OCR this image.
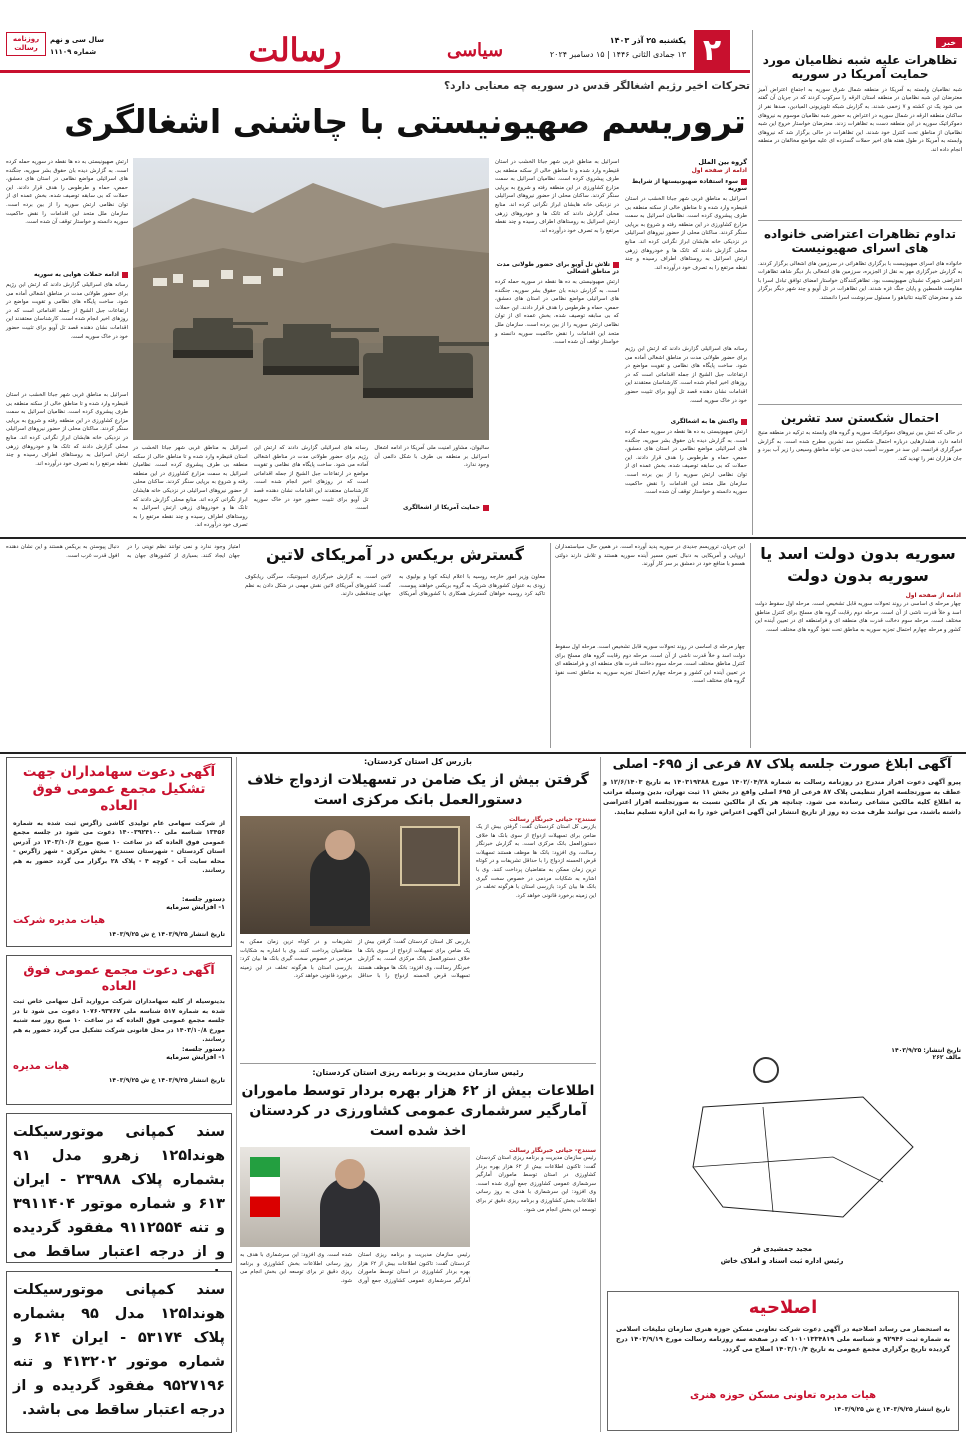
۲
یکشنبه ۲۵ آذر ۱۴۰۳
۱۳ جمادی الثانی ۱۴۴۶ | ۱۵ دسامبر ۲۰۲۴
سیاسی
رسالت
سال سی و نهم
شماره ۱۱۱۰۹
روزنامه رسالت
خبر
تظاهرات علیه شبه نظامیان مورد حمایت آمریکا در سوریه
شبه نظامیان وابسته به آمریکا در منطقه شمال شرق سوریه به اجتماع اعتراض آمیز معترضان این شبه نظامیان در منطقه استان الرقه را سرکوب کردند که در جریان آن گفته می شود یک تن کشته و ۷ زخمی شدند. به گزارش شبکه تلویزیونی المیادین، صدها نفر از ساکنان منطقه الرقه در شمال سوریه در اعتراض به حضور شبه نظامیان موسوم به نیروهای دموکراتیک سوریه در این منطقه دست به تظاهرات زدند. معترضان خواستار خروج این شبه نظامیان از مناطق تحت کنترل خود شدند. این تظاهرات در حالی برگزار شد که نیروهای وابسته به آمریکا در طول هفته های اخیر حملات گسترده ای علیه مواضع مخالفان در منطقه انجام داده اند.
تداوم تظاهرات اعتراضی خانواده های اسرای صهیونیست
خانواده های اسرای صهیونیست با برگزاری تظاهراتی در سرزمین های اشغالی برگزار کردند. به گزارش خبرگزاری مهر به نقل از الجزیره، سرزمین های اشغالی بار دیگر شاهد تظاهرات اعتراضی شهرک نشینان صهیونیست بود. تظاهرکنندگان خواستار امضای توافق تبادل اسرا با مقاومت فلسطین و پایان جنگ غزه شدند. این تظاهرات در تل آویو و چند شهر دیگر برگزار شد و معترضان کابینه نتانیاهو را مسئول سرنوشت اسرا دانستند.
احتمال شکستن سد تشرین
در حالی که تنش بین نیروهای دموکراتیک سوریه و گروه های وابسته به ترکیه در منطقه منبج ادامه دارد، هشدارهایی درباره احتمال شکستن سد تشرین مطرح شده است. به گزارش خبرگزاری فرانسه، این سد در صورت آسیب دیدن می تواند مناطق وسیعی را زیر آب ببرد و جان هزاران نفر را تهدید کند.
تحرکات اخیر رژیم اشغالگر قدس در سوریه چه معنایی دارد؟
تروریسم صهیونیستی با چاشنی اشغالگری
گروه بین الملل
ادامه از صفحه اول
سوء استفاده صهیونیستها از شرایط سوریه
اسرائیل به مناطق غربی شهر جباتا الخشب در استان قنیطره وارد شده و تا مناطق خالی از سکنه منطقه بی طرف پیشروی کرده است. نظامیان اسرائیل به سمت مزارع کشاورزی در این منطقه رفته و شروع به برپایی سنگر کردند. ساکنان محلی از حضور نیروهای اسرائیلی در نزدیکی خانه هایشان ابراز نگرانی کرده اند. منابع محلی گزارش دادند که تانک ها و خودروهای زرهی ارتش اسرائیل به روستاهای اطراف رسیده و چند نقطه مرتفع را به تصرف خود درآورده اند.
رسانه های اسرائیلی گزارش دادند که ارتش این رژیم برای حضور طولانی مدت در مناطق اشغالی آماده می شود. ساخت پایگاه های نظامی و تقویت مواضع در ارتفاعات جبل الشیخ از جمله اقداماتی است که در روزهای اخیر انجام شده است. کارشناسان معتقدند این اقدامات نشان دهنده قصد تل آویو برای تثبیت حضور خود در خاک سوریه است.
واکنش ها به اشغالگری
ارتش صهیونیستی به ده ها نقطه در سوریه حمله کرده است. به گزارش دیده بان حقوق بشر سوریه، جنگنده های اسرائیلی مواضع نظامی در استان های دمشق، حمص، حماه و طرطوس را هدف قرار دادند. این حملات که بی سابقه توصیف شده، بخش عمده ای از توان نظامی ارتش سوریه را از بین برده است. سازمان ملل متحد این اقدامات را نقض حاکمیت سوریه دانسته و خواستار توقف آن شده است.
اسرائیل به مناطق غربی شهر جباتا الخشب در استان قنیطره وارد شده و تا مناطق خالی از سکنه منطقه بی طرف پیشروی کرده است. نظامیان اسرائیل به سمت مزارع کشاورزی در این منطقه رفته و شروع به برپایی سنگر کردند. ساکنان محلی از حضور نیروهای اسرائیلی در نزدیکی خانه هایشان ابراز نگرانی کرده اند. منابع محلی گزارش دادند که تانک ها و خودروهای زرهی ارتش اسرائیل به روستاهای اطراف رسیده و چند نقطه مرتفع را به تصرف خود درآورده اند.
تلاش تل آویو برای حضور طولانی مدت در مناطق اشغالی
ارتش صهیونیستی به ده ها نقطه در سوریه حمله کرده است. به گزارش دیده بان حقوق بشر سوریه، جنگنده های اسرائیلی مواضع نظامی در استان های دمشق، حمص، حماه و طرطوس را هدف قرار دادند. این حملات که بی سابقه توصیف شده، بخش عمده ای از توان نظامی ارتش سوریه را از بین برده است. سازمان ملل متحد این اقدامات را نقض حاکمیت سوریه دانسته و خواستار توقف آن شده است.
ارتش صهیونیستی به ده ها نقطه در سوریه حمله کرده است. به گزارش دیده بان حقوق بشر سوریه، جنگنده های اسرائیلی مواضع نظامی در استان های دمشق، حمص، حماه و طرطوس را هدف قرار دادند. این حملات که بی سابقه توصیف شده، بخش عمده ای از توان نظامی ارتش سوریه را از بین برده است. سازمان ملل متحد این اقدامات را نقض حاکمیت سوریه دانسته و خواستار توقف آن شده است.
ادامه حملات هوایی به سوریه
رسانه های اسرائیلی گزارش دادند که ارتش این رژیم برای حضور طولانی مدت در مناطق اشغالی آماده می شود. ساخت پایگاه های نظامی و تقویت مواضع در ارتفاعات جبل الشیخ از جمله اقداماتی است که در روزهای اخیر انجام شده است. کارشناسان معتقدند این اقدامات نشان دهنده قصد تل آویو برای تثبیت حضور خود در خاک سوریه است.
اسرائیل به مناطق غربی شهر جباتا الخشب در استان قنیطره وارد شده و تا مناطق خالی از سکنه منطقه بی طرف پیشروی کرده است. نظامیان اسرائیل به سمت مزارع کشاورزی در این منطقه رفته و شروع به برپایی سنگر کردند. ساکنان محلی از حضور نیروهای اسرائیلی در نزدیکی خانه هایشان ابراز نگرانی کرده اند. منابع محلی گزارش دادند که تانک ها و خودروهای زرهی ارتش اسرائیل به روستاهای اطراف رسیده و چند نقطه مرتفع را به تصرف خود درآورده اند.
سالیوان، مشاور امنیت ملی آمریکا در ادامه اشغال اسرائیل بر منطقه بی طرف با شکل دائمی آن وجود ندارد.
حمایت آمریکا از اشغالگری
رسانه های اسرائیلی گزارش دادند که ارتش این رژیم برای حضور طولانی مدت در مناطق اشغالی آماده می شود. ساخت پایگاه های نظامی و تقویت مواضع در ارتفاعات جبل الشیخ از جمله اقداماتی است که در روزهای اخیر انجام شده است. کارشناسان معتقدند این اقدامات نشان دهنده قصد تل آویو برای تثبیت حضور خود در خاک سوریه است.
اسرائیل به مناطق غربی شهر جباتا الخشب در استان قنیطره وارد شده و تا مناطق خالی از سکنه منطقه بی طرف پیشروی کرده است. نظامیان اسرائیل به سمت مزارع کشاورزی در این منطقه رفته و شروع به برپایی سنگر کردند. ساکنان محلی از حضور نیروهای اسرائیلی در نزدیکی خانه هایشان ابراز نگرانی کرده اند. منابع محلی گزارش دادند که تانک ها و خودروهای زرهی ارتش اسرائیل به روستاهای اطراف رسیده و چند نقطه مرتفع را به تصرف خود درآورده اند.
سوریه بدون دولت اسد یا سوریه بدون دولت
ادامه از صفحه اول
چهار مرحله ی اساسی در روند تحولات سوریه قابل تشخیص است. مرحله اول سقوط دولت اسد و خلأ قدرت ناشی از آن است. مرحله دوم رقابت گروه های مسلح برای کنترل مناطق مختلف است. مرحله سوم دخالت قدرت های منطقه ای و فرامنطقه ای در تعیین آینده این کشور و مرحله چهارم احتمال تجزیه سوریه به مناطق تحت نفوذ گروه های مختلف است.
این جریان، تروریسم جدیدی در سوریه پدید آورده است. در همین حال، سیاستمداران اروپایی و آمریکایی به دنبال تعیین مسیر آینده سوریه هستند و تلاش دارند دولتی همسو با منافع خود در دمشق بر سر کار آورند.
چهار مرحله ی اساسی در روند تحولات سوریه قابل تشخیص است. مرحله اول سقوط دولت اسد و خلأ قدرت ناشی از آن است. مرحله دوم رقابت گروه های مسلح برای کنترل مناطق مختلف است. مرحله سوم دخالت قدرت های منطقه ای و فرامنطقه ای در تعیین آینده این کشور و مرحله چهارم احتمال تجزیه سوریه به مناطق تحت نفوذ گروه های مختلف است.
گسترش بریکس در آمریکای لاتین
معاون وزیر امور خارجه روسیه با اعلام اینکه کوبا و بولیوی به زودی به عنوان کشورهای شریک به گروه بریکس خواهند پیوست، تاکید کرد روسیه خواهان گسترش همکاری با کشورهای آمریکای لاتین است. به گزارش خبرگزاری اسپوتنیک، سرگئی ریابکوف گفت: کشورهای آمریکای لاتین نقش مهمی در شکل دادن به نظم جهانی چندقطبی دارند.
امتیاز وجود ندارد و نمی توانند نظم نوینی را در جهان ایجاد کنند. بسیاری از کشورهای جهان به دنبال پیوستن به بریکس هستند و این نشان دهنده افول قدرت غرب است.
آگهی ابلاغ صورت جلسه پلاک ۸۷ فرعی از ۶۹۵- اصلی
پیرو آگهی دعوت افراز مندرج در روزنامه رسالت به شماره ۱۴۰۲/۰۴/۲۸ مورخ ۱۴۰۳۱۹۳۸۸ به تاریخ ۱۲/۶/۱۴۰۳ و عطف به صورتجلسه افراز تنظیمی پلاک ۸۷ فرعی از ۶۹۵ اصلی واقع در بخش ۱۱ ثبت تهران، بدین وسیله مراتب به اطلاع کلیه مالکین مشاعی رسانده می شود. چنانچه هر یک از مالکین نسبت به صورتجلسه افراز اعتراضی داشته باشند، می توانند ظرف مدت ده روز از تاریخ انتشار این آگهی اعتراض خود را به این اداره تسلیم نمایند.
تاریخ انتشار: ۱۴۰۳/۹/۲۵
مالف ۲۶۲
مجید جمشیدی فر
رئیس اداره ثبت اسناد و املاک خاش
اصلاحیه
به استحضار می رساند اصلاحیه در آگهی دعوت شرکت تعاونی مسکن حوزه هنری سازمان تبلیغات اسلامی به شماره ثبت ۹۲۹۴۶ و شناسه ملی ۱۰۱۰۱۳۳۴۸۱۹ که در صفحه سه روزنامه رسالت مورخ ۱۴۰۳/۹/۱۹ درج گردیده تاریخ برگزاری مجمع عمومی به تاریخ ۱۴۰۳/۱۰/۴ اصلاح می گردد.
هیات مدیره تعاونی مسکن حوزه هنری
تاریخ انتشار ۱۴۰۳/۹/۲۵ خ ش ۱۴۰۳/۹/۲۵
بازرس کل استان کردستان:
گرفتن بیش از یک ضامن در تسهیلات ازدواج خلاف دستورالعمل بانک مرکزی است
سنندج- حیاتی خبرنگار رسالت
بازرس کل استان کردستان گفت: گرفتن بیش از یک ضامن برای تسهیلات ازدواج از سوی بانک ها خلاف دستورالعمل بانک مرکزی است. به گزارش خبرنگار رسالت، وی افزود: بانک ها موظف هستند تسهیلات قرض الحسنه ازدواج را با حداقل تشریفات و در کوتاه ترین زمان ممکن به متقاضیان پرداخت کنند. وی با اشاره به شکایات مردمی در خصوص سخت گیری بانک ها بیان کرد: بازرسی استان با هرگونه تخلف در این زمینه برخورد قانونی خواهد کرد.
بازرس کل استان کردستان گفت: گرفتن بیش از یک ضامن برای تسهیلات ازدواج از سوی بانک ها خلاف دستورالعمل بانک مرکزی است. به گزارش خبرنگار رسالت، وی افزود: بانک ها موظف هستند تسهیلات قرض الحسنه ازدواج را با حداقل تشریفات و در کوتاه ترین زمان ممکن به متقاضیان پرداخت کنند. وی با اشاره به شکایات مردمی در خصوص سخت گیری بانک ها بیان کرد: بازرسی استان با هرگونه تخلف در این زمینه برخورد قانونی خواهد کرد.
رئیس سازمان مدیریت و برنامه ریزی استان کردستان:
اطلاعات بیش از ۶۲ هزار بهره بردار توسط ماموران آمارگیر سرشماری عمومی کشاورزی در کردستان اخذ شده است
سنندج- حیاتی خبرنگار رسالت
رئیس سازمان مدیریت و برنامه ریزی استان کردستان گفت: تاکنون اطلاعات بیش از ۶۲ هزار بهره بردار کشاورزی در استان توسط ماموران آمارگیر سرشماری عمومی کشاورزی جمع آوری شده است. وی افزود: این سرشماری با هدف به روز رسانی اطلاعات بخش کشاورزی و برنامه ریزی دقیق تر برای توسعه این بخش انجام می شود.
رئیس سازمان مدیریت و برنامه ریزی استان کردستان گفت: تاکنون اطلاعات بیش از ۶۲ هزار بهره بردار کشاورزی در استان توسط ماموران آمارگیر سرشماری عمومی کشاورزی جمع آوری شده است. وی افزود: این سرشماری با هدف به روز رسانی اطلاعات بخش کشاورزی و برنامه ریزی دقیق تر برای توسعه این بخش انجام می شود.
آگهی دعوت سهامداران جهت تشکیل مجمع عمومی فوق العاده
از شرکت سهامی عام تولیدی کاشی زاگرس ثبت شده به شماره ۱۳۴۵۶ شناسه ملی ۱۴۰۰۳۹۲۴۱۰۰ دعوت می شود در جلسه مجمع عمومی فوق العاده که در ساعت ۱۰ صبح مورخ ۱۴۰۳/۱۰/۶ در آدرس استان کردستان - شهرستان سنندج - بخش مرکزی - شهر زاگرس - محله سایت آب - کوچه ۴ - پلاک ۲۸ برگزار می گردد حضور به هم رسانند.
دستور جلسه:
۱- افزایش سرمایه
هیات مدیره شرکت
تاریخ انتشار ۱۴۰۳/۹/۲۵ خ ش ۱۴۰۳/۹/۲۵
آگهی دعوت مجمع عمومی فوق العاده
بدینوسیله از کلیه سهامداران شرکت مروارید آمل سهامی خاص ثبت شده به شماره ۵۱۷ شناسه ملی ۱۰۷۶۰۹۳۷۶۷ دعوت می شود تا در جلسه مجمع عمومی فوق العاده که در ساعت ۱۰ صبح روز سه شنبه مورخ ۱۴۰۳/۱۰/۸ در محل قانونی شرکت تشکیل می گردد حضور به هم رسانند.
دستور جلسه:
۱- افزایش سرمایه
هیات مدیره
تاریخ انتشار ۱۴۰۳/۹/۲۵ خ ش ۱۴۰۳/۹/۲۵
سند کمپانی موتورسیکلت هوندا۱۲۵ زهرو مدل ۹۱ بشماره پلاک ۲۳۹۸۸ - ایران ۶۱۳ و شماره موتور ۳۹۱۱۴۰۴ و تنه ۹۱۱۲۵۵۴ مفقود گردیده و از درجه اعتبار ساقط می
سند کمپانی موتورسیکلت هوندا۱۲۵ مدل ۹۵ بشماره پلاک ۵۳۱۷۴ - ایران ۶۱۴ و شماره موتور ۴۱۳۲۰۲ و تنه ۹۵۲۷۱۹۶ مفقود گردیده و از درجه اعتبار ساقط می باشد.
